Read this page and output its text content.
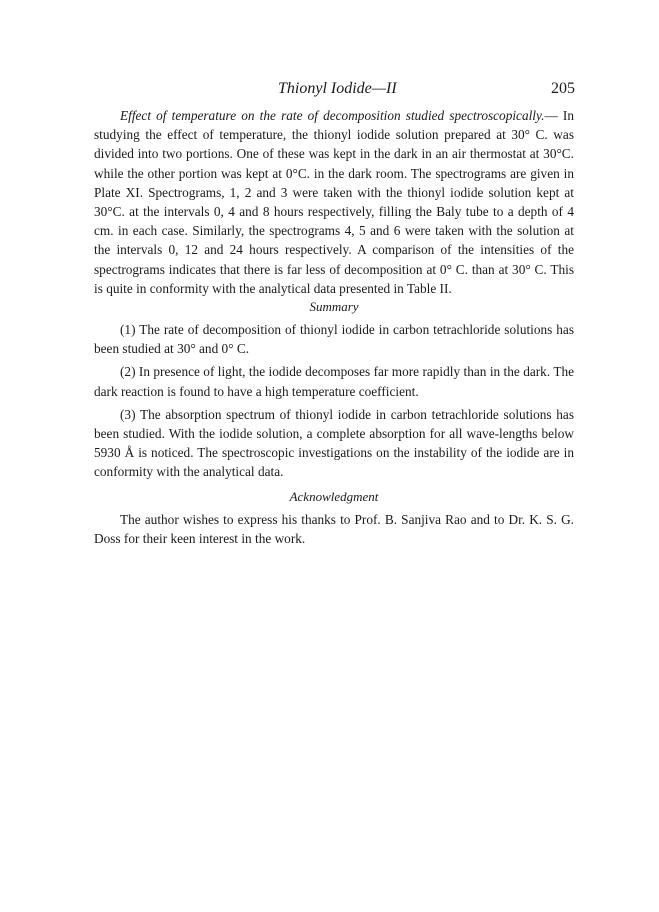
Thionyl Iodide—II	205

Effect of temperature on the rate of decomposition studied spectroscopically.— In studying the effect of temperature, the thionyl iodide solution prepared at 30° C. was divided into two portions. One of these was kept in the dark in an air thermostat at 30°C. while the other portion was kept at 0°C. in the dark room. The spectrograms are given in Plate XI. Spectrograms, 1, 2 and 3 were taken with the thionyl iodide solution kept at 30°C. at the intervals 0, 4 and 8 hours respectively, filling the Baly tube to a depth of 4 cm. in each case. Similarly, the spectrograms 4, 5 and 6 were taken with the solution at the intervals 0, 12 and 24 hours respectively. A comparison of the intensities of the spectrograms indicates that there is far less of decomposition at 0° C. than at 30° C. This is quite in conformity with the analytical data presented in Table II.

Summary

(1) The rate of decomposition of thionyl iodide in carbon tetrachloride solutions has been studied at 30° and 0° C.

(2) In presence of light, the iodide decomposes far more rapidly than in the dark. The dark reaction is found to have a high temperature coefficient.

(3) The absorption spectrum of thionyl iodide in carbon tetrachloride solutions has been studied. With the iodide solution, a complete absorption for all wave-lengths below 5930 Å is noticed. The spectroscopic investigations on the instability of the iodide are in conformity with the analytical data.

Acknowledgment

The author wishes to express his thanks to Prof. B. Sanjiva Rao and to Dr. K. S. G. Doss for their keen interest in the work.
